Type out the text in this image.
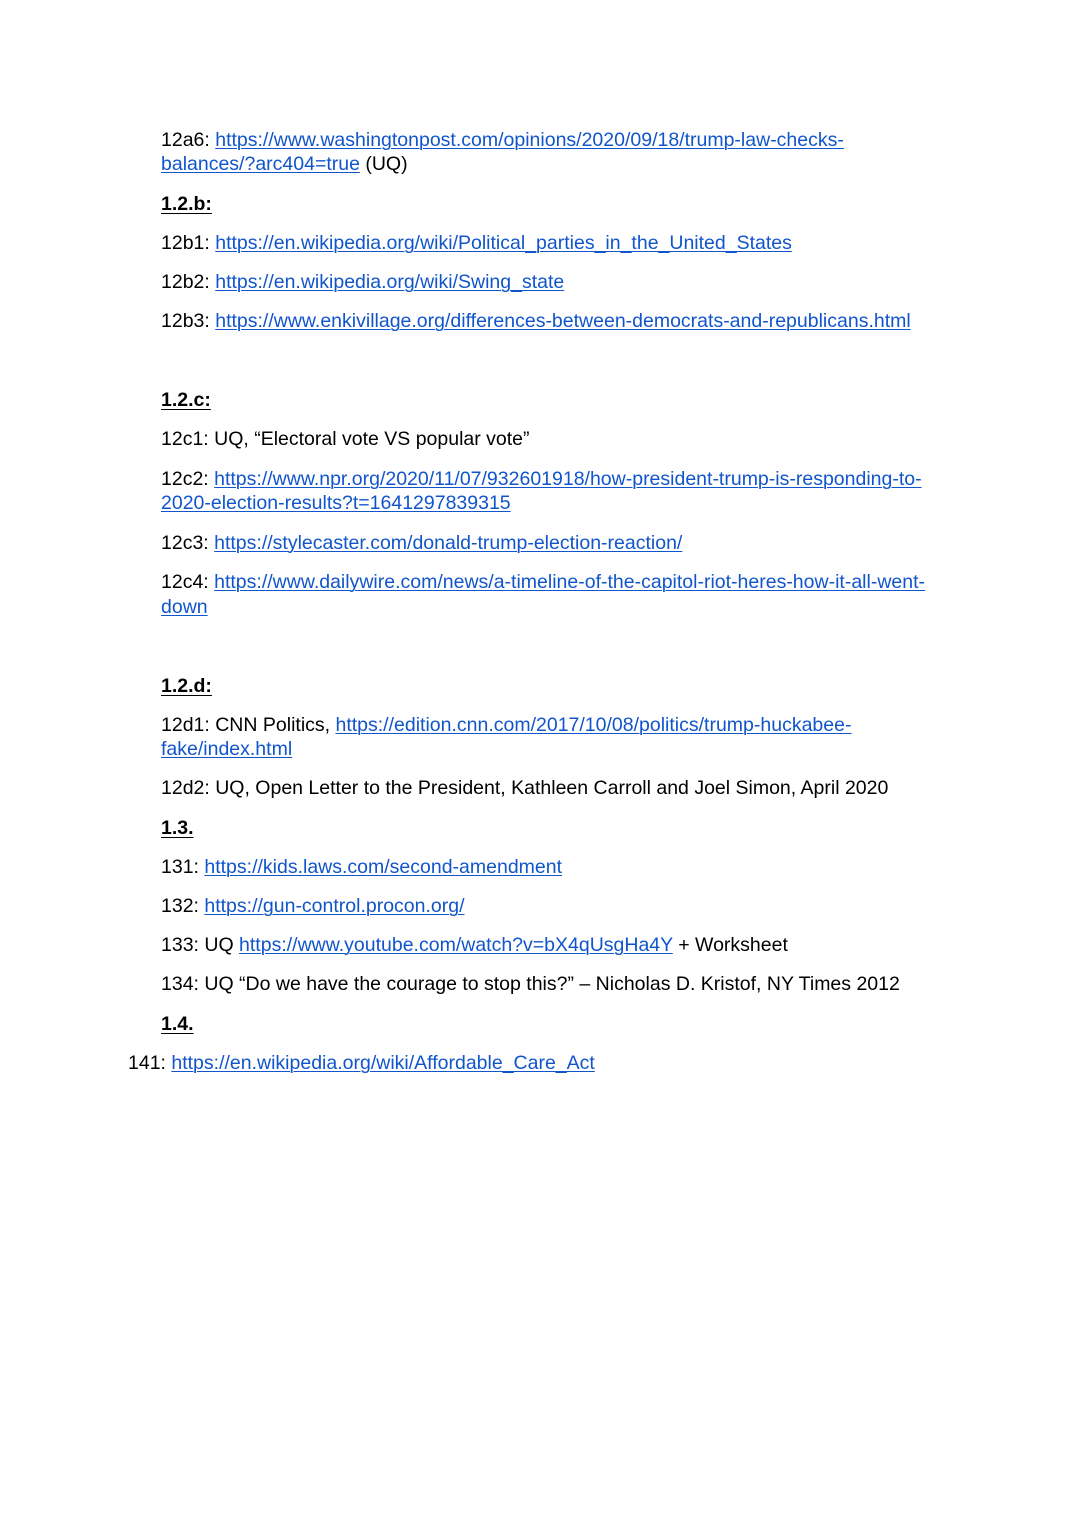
12a6: https://www.washingtonpost.com/opinions/2020/09/18/trump-law-checks-
balances/?arc404=true (UQ)
1.2.b:
12b1: https://en.wikipedia.org/wiki/Political_parties_in_the_United_States
12b2: https://en.wikipedia.org/wiki/Swing_state
12b3: https://www.enkivillage.org/differences-between-democrats-and-republicans.html
1.2.c:
12c1: UQ, “Electoral vote VS popular vote”
12c2: https://www.npr.org/2020/11/07/932601918/how-president-trump-is-responding-to-
2020-election-results?t=1641297839315
12c3: https://stylecaster.com/donald-trump-election-reaction/
12c4: https://www.dailywire.com/news/a-timeline-of-the-capitol-riot-heres-how-it-all-went-
down
1.2.d:
12d1: CNN Politics, https://edition.cnn.com/2017/10/08/politics/trump-huckabee-
fake/index.html
12d2: UQ, Open Letter to the President, Kathleen Carroll and Joel Simon, April 2020
1.3.
131: https://kids.laws.com/second-amendment
132: https://gun-control.procon.org/
133: UQ https://www.youtube.com/watch?v=bX4qUsgHa4Y + Worksheet
134: UQ “Do we have the courage to stop this?” – Nicholas D. Kristof, NY Times 2012
1.4.
141: https://en.wikipedia.org/wiki/Affordable_Care_Act
